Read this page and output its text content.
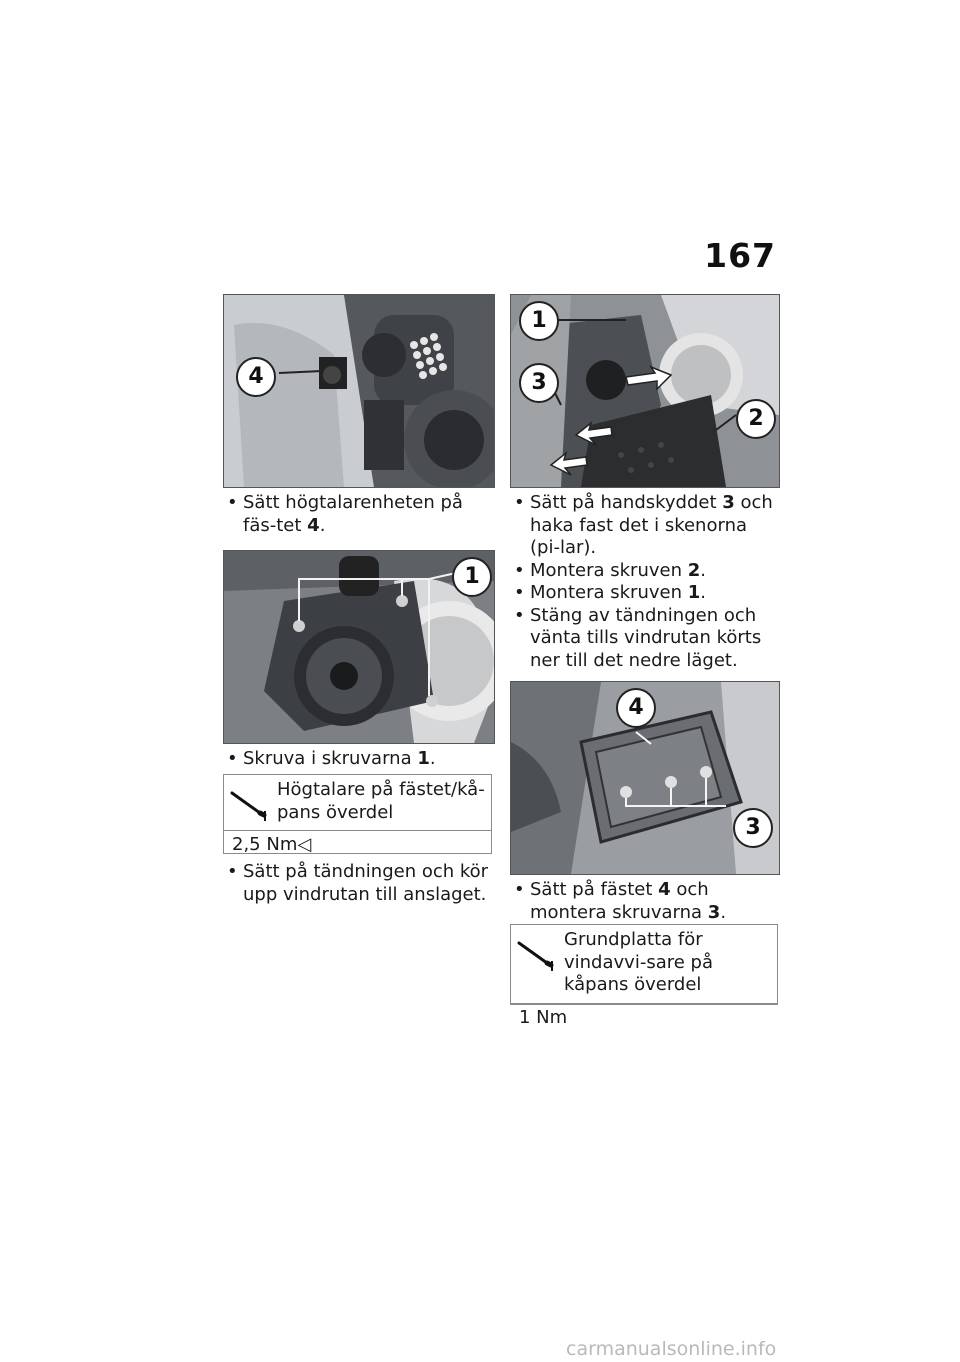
167
4
• Sätt högtalarenheten på fäs-tet 4.
1
• Skruva i skruvarna 1.
Högtalare på fästet/kå-pans överdel
2,5 Nm◁
• Sätt på tändningen och kör upp vindrutan till anslaget.
1
3
2
• Sätt på handskyddet 3 och haka fast det i skenorna (pi-lar).
• Montera skruven 2.
• Montera skruven 1.
• Stäng av tändningen och vänta tills vindrutan körts ner till det nedre läget.
4
3
• Sätt på fästet 4 och montera skruvarna 3.
Grundplatta för vindavvi-sare på kåpans överdel
1 Nm
carmanualsonline.info
